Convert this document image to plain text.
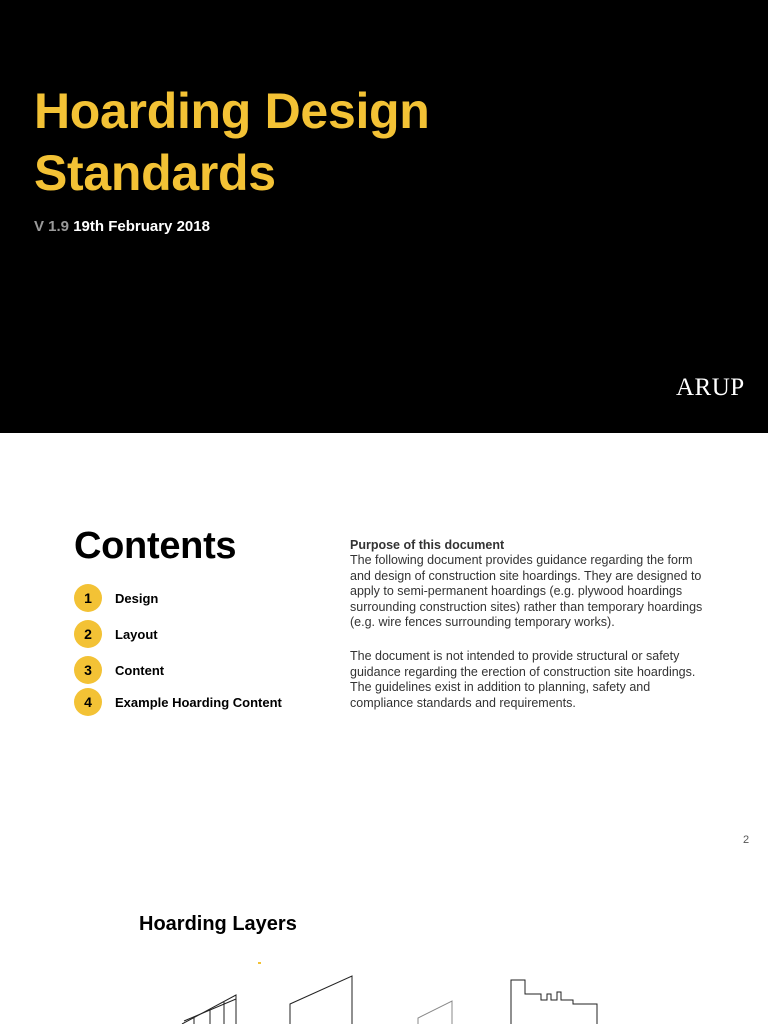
Hoarding Design
Standards
V 1.9 19th February 2018
ARUP
Contents
1	Design
2	Layout
3	Content
4	Example Hoarding Content
Purpose of this document

The following document provides guidance regarding the form and design of construction site hoardings. They are designed to apply to semi-permanent hoardings (e.g. plywood hoardings surrounding construction sites) rather than temporary hoardings (e.g. wire fences surrounding temporary works).

The document is not intended to provide structural or safety guidance regarding the erection of construction site hoardings. The guidelines exist in addition to planning, safety and compliance standards and requirements.

2
Hoarding Layers
